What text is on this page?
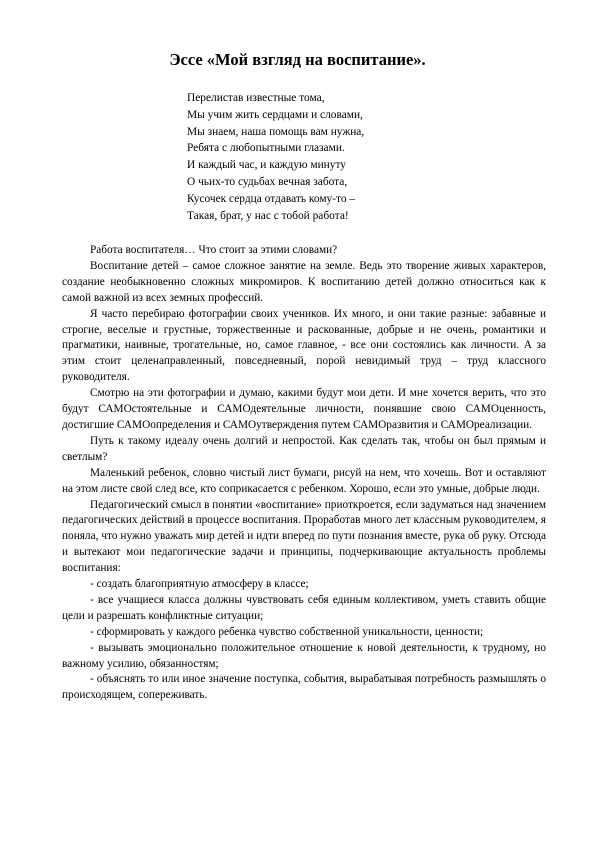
Эссе «Мой взгляд на воспитание».
Перелистав известные тома,
Мы учим жить сердцами и словами,
Мы знаем, наша помощь вам нужна,
Ребята с любопытными глазами.
И каждый час, и каждую минуту
О чьих-то судьбах вечная забота,
Кусочек сердца отдавать кому-то –
Такая, брат, у нас с тобой работа!

Работа воспитателя… Что стоит за этими словами?

Воспитание детей – самое сложное занятие на земле. Ведь это творение живых характеров, создание необыкновенно сложных микромиров. К воспитанию детей должно относиться как к самой важной из всех земных профессий.

Я часто перебираю фотографии своих учеников. Их много, и они такие разные: забавные и строгие, веселые и грустные, торжественные и раскованные, добрые и не очень, романтики и прагматики, наивные, трогательные, но, самое главное, - все они состоялись как личности. А за этим стоит целенаправленный, повседневный, порой невидимый труд – труд классного руководителя.

Смотрю на эти фотографии и думаю, какими будут мои дети. И мне хочется верить, что это будут САМОстоятельные и САМОдеятельные личности, понявшие свою САМОценность, достигшие САМОопределения и САМОутверждения путем САМОразвития и САМОреализации.

Путь к такому идеалу очень долгий и непростой. Как сделать так, чтобы он был прямым и светлым?

Маленький ребенок, словно чистый лист бумаги, рисуй на нем, что хочешь. Вот и оставляют на этом листе свой след все, кто соприкасается с ребенком. Хорошо, если это умные, добрые люди.

Педагогический смысл в понятии «воспитание» приоткроется, если задуматься над значением педагогических действий в процессе воспитания. Проработав много лет классным руководителем, я поняла, что нужно уважать мир детей и идти вперед по пути познания вместе, рука об руку. Отсюда и вытекают мои педагогические задачи и принципы, подчеркивающие актуальность проблемы воспитания:

- создать благоприятную атмосферу в классе;

- все учащиеся класса должны чувствовать себя единым коллективом, уметь ставить общие цели и разрешать конфликтные ситуации;

- сформировать у каждого ребенка чувство собственной уникальности, ценности;

- вызывать эмоционально положительное отношение к новой деятельности, к трудному, но важному усилию, обязанностям;

- объяснять то или иное значение поступка, события, вырабатывая потребность размышлять о происходящем, сопереживать.
